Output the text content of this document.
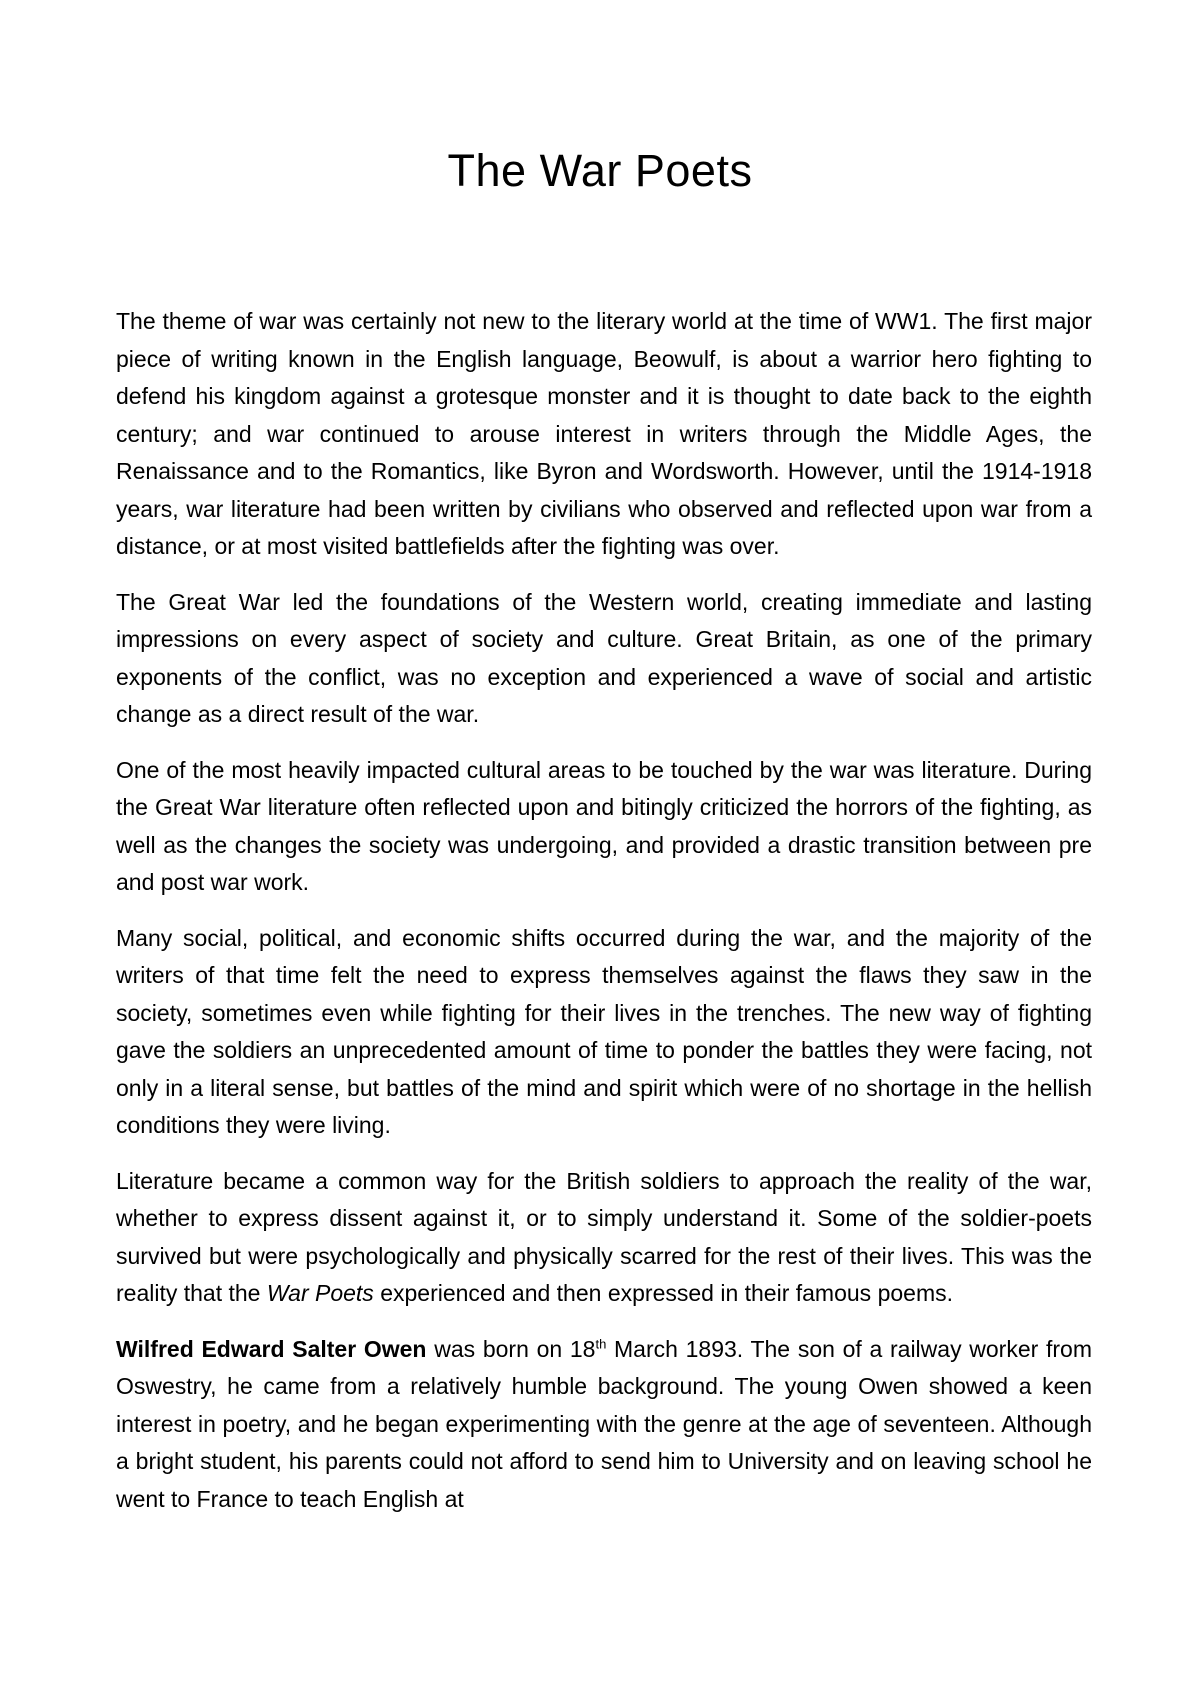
The War Poets

The theme of war was certainly not new to the literary world at the time of WW1. The first major piece of writing known in the English language, Beowulf, is about a warrior hero fighting to defend his kingdom against a grotesque monster and it is thought to date back to the eighth century; and war continued to arouse interest in writers through the Middle Ages, the Renaissance and to the Romantics, like Byron and Wordsworth. However, until the 1914-1918 years, war literature had been written by civilians who observed and reflected upon war from a distance, or at most visited battlefields after the fighting was over.

The Great War led the foundations of the Western world, creating immediate and lasting impressions on every aspect of society and culture. Great Britain, as one of the primary exponents of the conflict, was no exception and experienced a wave of social and artistic change as a direct result of the war.

One of the most heavily impacted cultural areas to be touched by the war was literature. During the Great War literature often reflected upon and bitingly criticized the horrors of the fighting, as well as the changes the society was undergoing, and provided a drastic transition between pre and post war work.

Many social, political, and economic shifts occurred during the war, and the majority of the writers of that time felt the need to express themselves against the flaws they saw in the society, sometimes even while fighting for their lives in the trenches. The new way of fighting gave the soldiers an unprecedented amount of time to ponder the battles they were facing, not only in a literal sense, but battles of the mind and spirit which were of no shortage in the hellish conditions they were living.

Literature became a common way for the British soldiers to approach the reality of the war, whether to express dissent against it, or to simply understand it. Some of the soldier-poets survived but were psychologically and physically scarred for the rest of their lives. This was the reality that the War Poets experienced and then expressed in their famous poems.

Wilfred Edward Salter Owen was born on 18th March 1893. The son of a railway worker from Oswestry, he came from a relatively humble background. The young Owen showed a keen interest in poetry, and he began experimenting with the genre at the age of seventeen. Although a bright student, his parents could not afford to send him to University and on leaving school he went to France to teach English at
